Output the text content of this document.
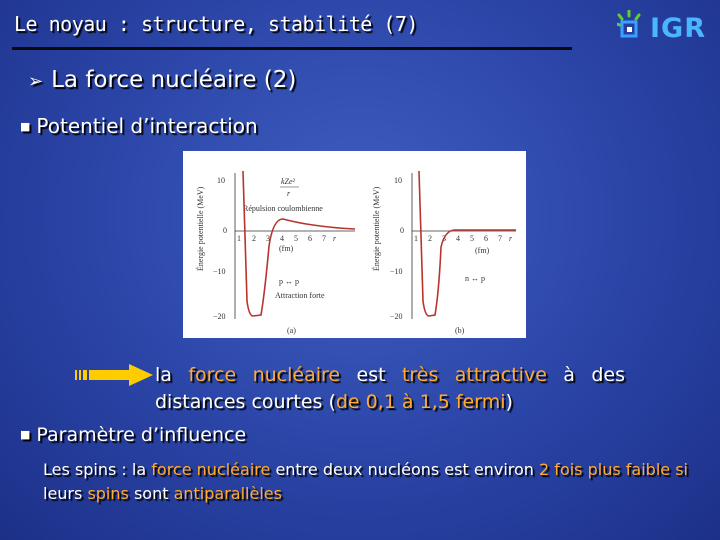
Le noyau : structure, stabilité (7)	IGR
➢ La force nucléaire (2)
■ Potentiel d’interaction
Énergie potentielle (MeV)
10
0
−10
−20
1 2 3 4 5 6 7 r
kZe²
r
Répulsion coulombienne
(fm)
p ↔ p
Attraction forte
(a)
Énergie potentielle (MeV)
10
0
−10
−20
1 2 3 4 5 6 7 r
(fm)
n ↔ p
(b)
la force nucléaire est très attractive à des distances courtes (de 0,1 à 1,5 fermi)
■ Paramètre d’influence
Les spins : la force nucléaire entre deux nucléons est environ 2 fois plus faible si leurs spins sont antiparallèles
